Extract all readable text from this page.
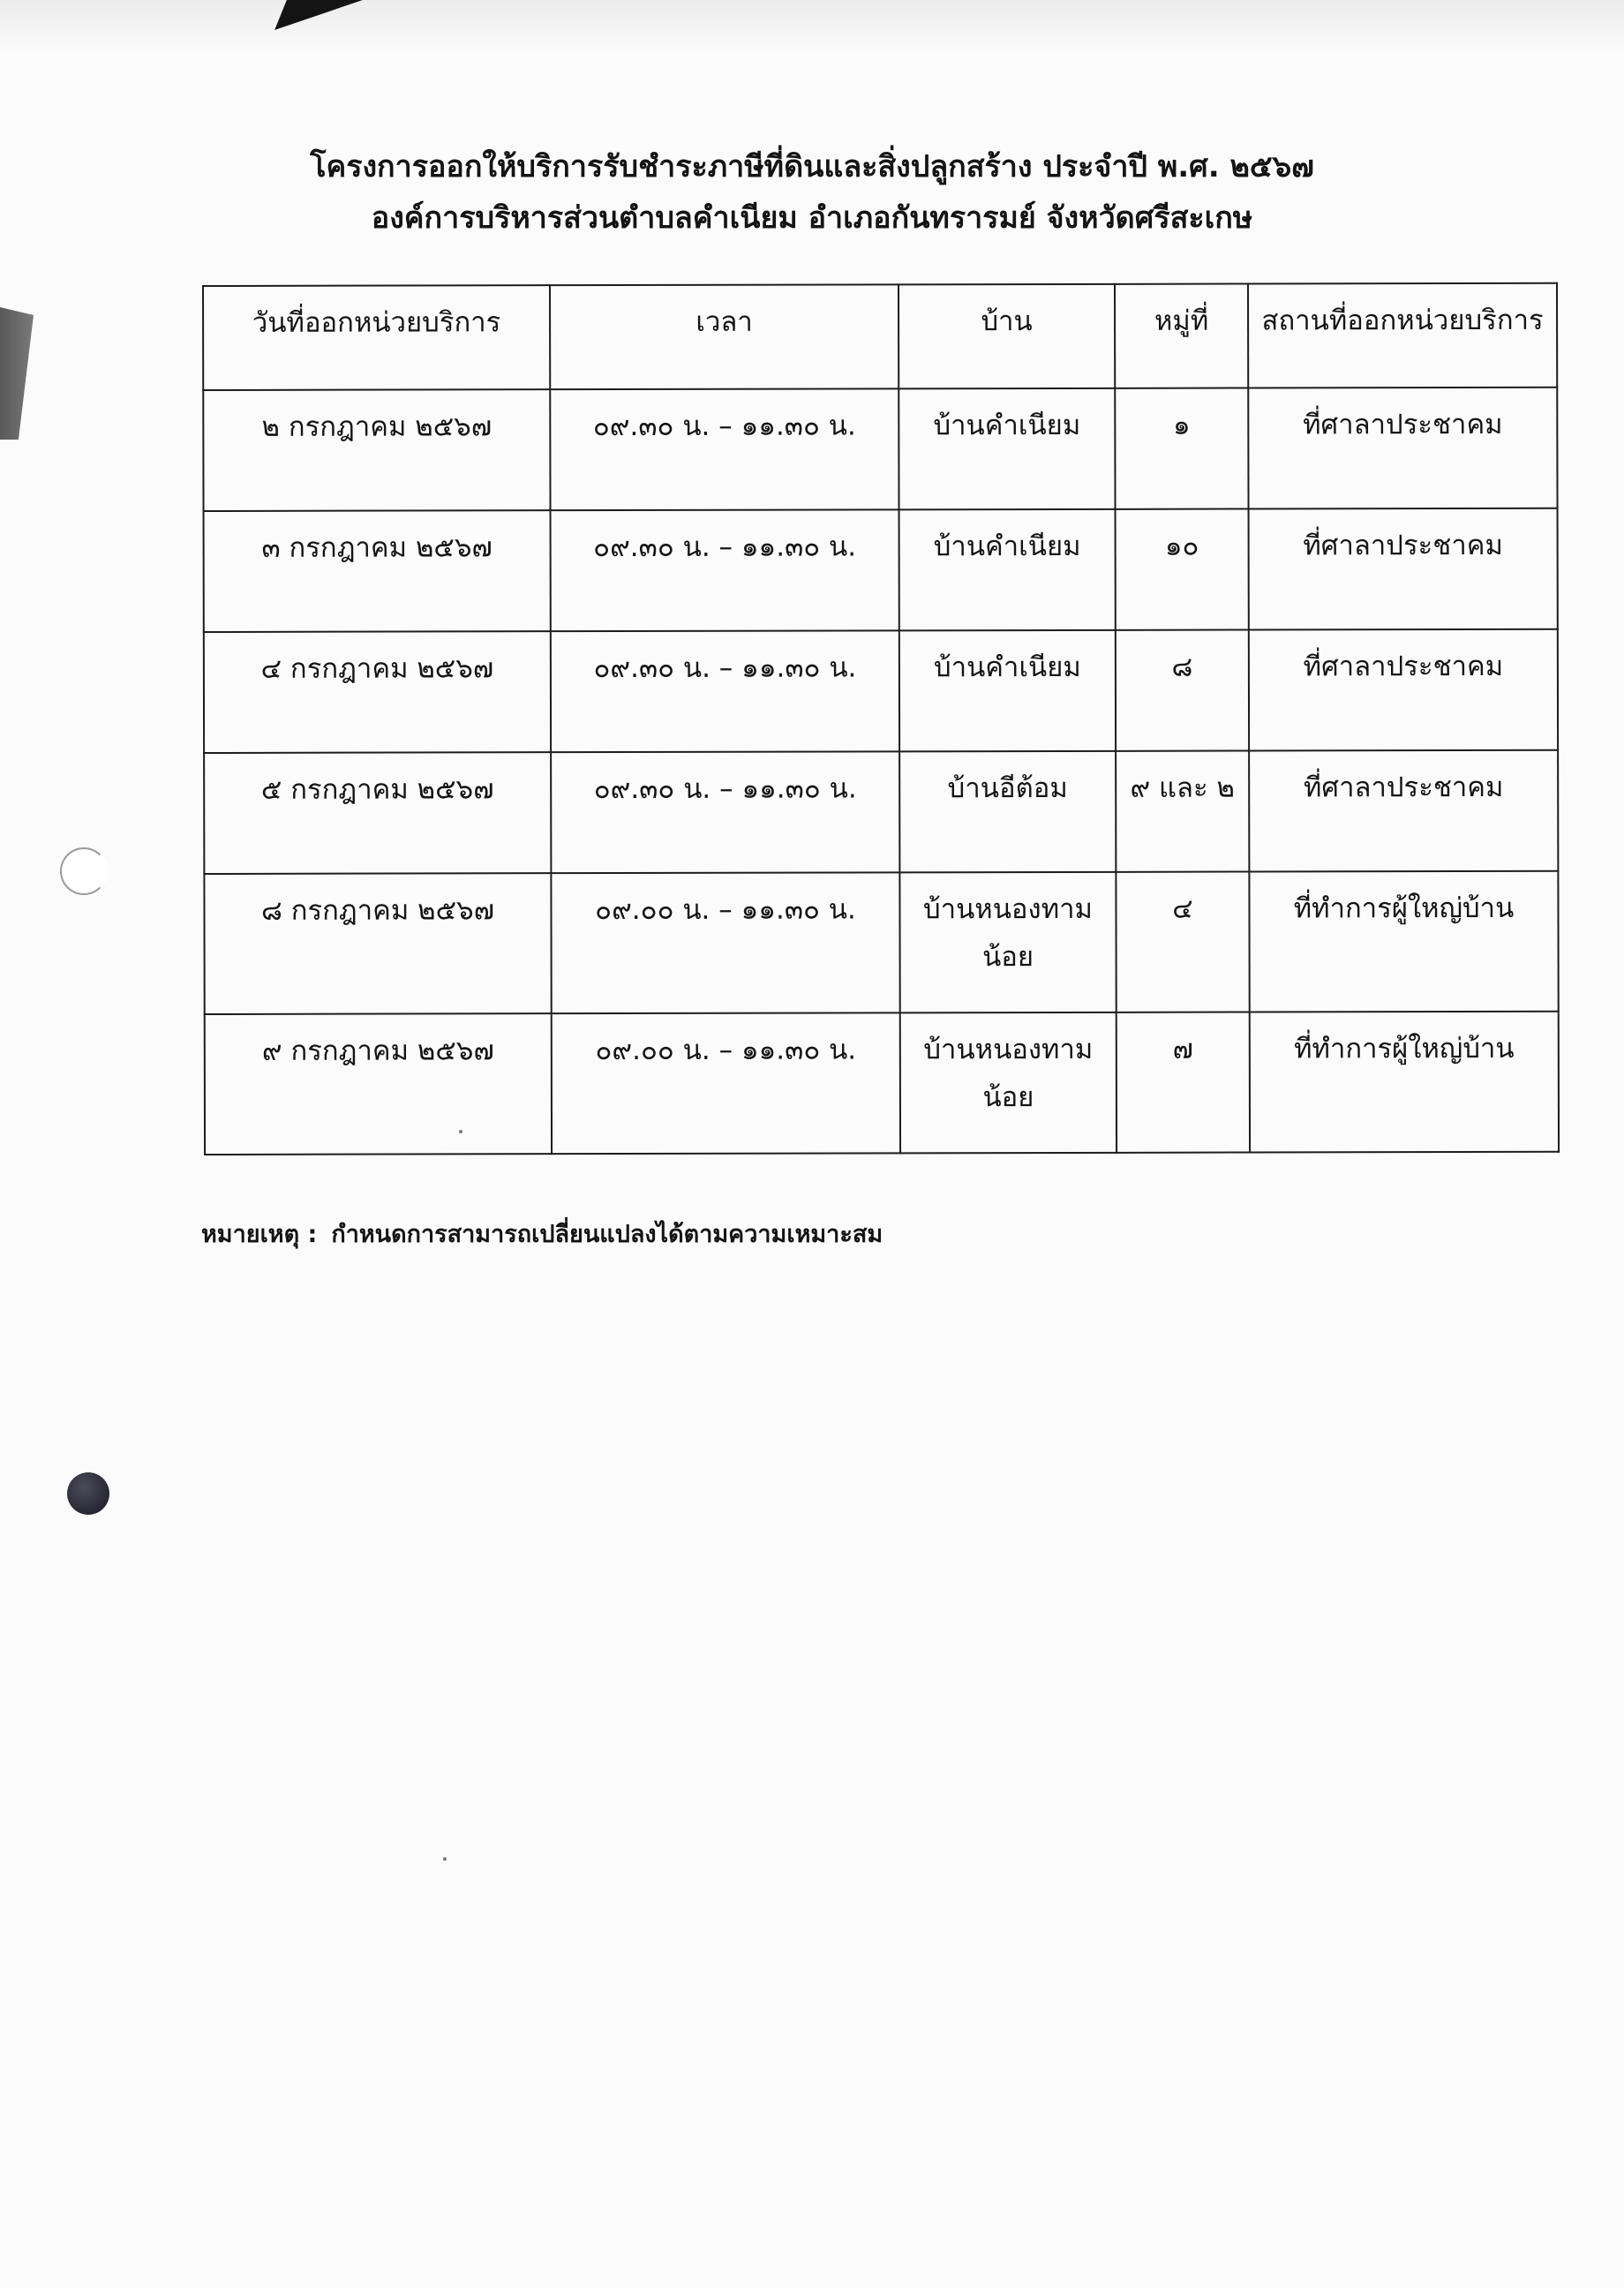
โครงการออกให้บริการรับชำระภาษีที่ดินและสิ่งปลูกสร้าง ประจำปี พ.ศ. ๒๕๖๗
องค์การบริหารส่วนตำบลคำเนียม อำเภอกันทรารมย์ จังหวัดศรีสะเกษ
วันที่ออกหน่วยบริการ	เวลา	บ้าน	หมู่ที่	สถานที่ออกหน่วยบริการ
๒ กรกฎาคม ๒๕๖๗	๐๙.๓๐ น. – ๑๑.๓๐ น.	บ้านคำเนียม	๑	ที่ศาลาประชาคม
๓ กรกฎาคม ๒๕๖๗	๐๙.๓๐ น. – ๑๑.๓๐ น.	บ้านคำเนียม	๑๐	ที่ศาลาประชาคม
๔ กรกฎาคม ๒๕๖๗	๐๙.๓๐ น. – ๑๑.๓๐ น.	บ้านคำเนียม	๘	ที่ศาลาประชาคม
๕ กรกฎาคม ๒๕๖๗	๐๙.๓๐ น. – ๑๑.๓๐ น.	บ้านอีต้อม	๙ และ ๒	ที่ศาลาประชาคม
๘ กรกฎาคม ๒๕๖๗	๐๙.๐๐ น. – ๑๑.๓๐ น.	บ้านหนองทามน้อย	๔	ที่ทำการผู้ใหญ่บ้าน
๙ กรกฎาคม ๒๕๖๗	๐๙.๐๐ น. – ๑๑.๓๐ น.	บ้านหนองทามน้อย	๗	ที่ทำการผู้ใหญ่บ้าน
หมายเหตุ : กำหนดการสามารถเปลี่ยนแปลงได้ตามความเหมาะสม
